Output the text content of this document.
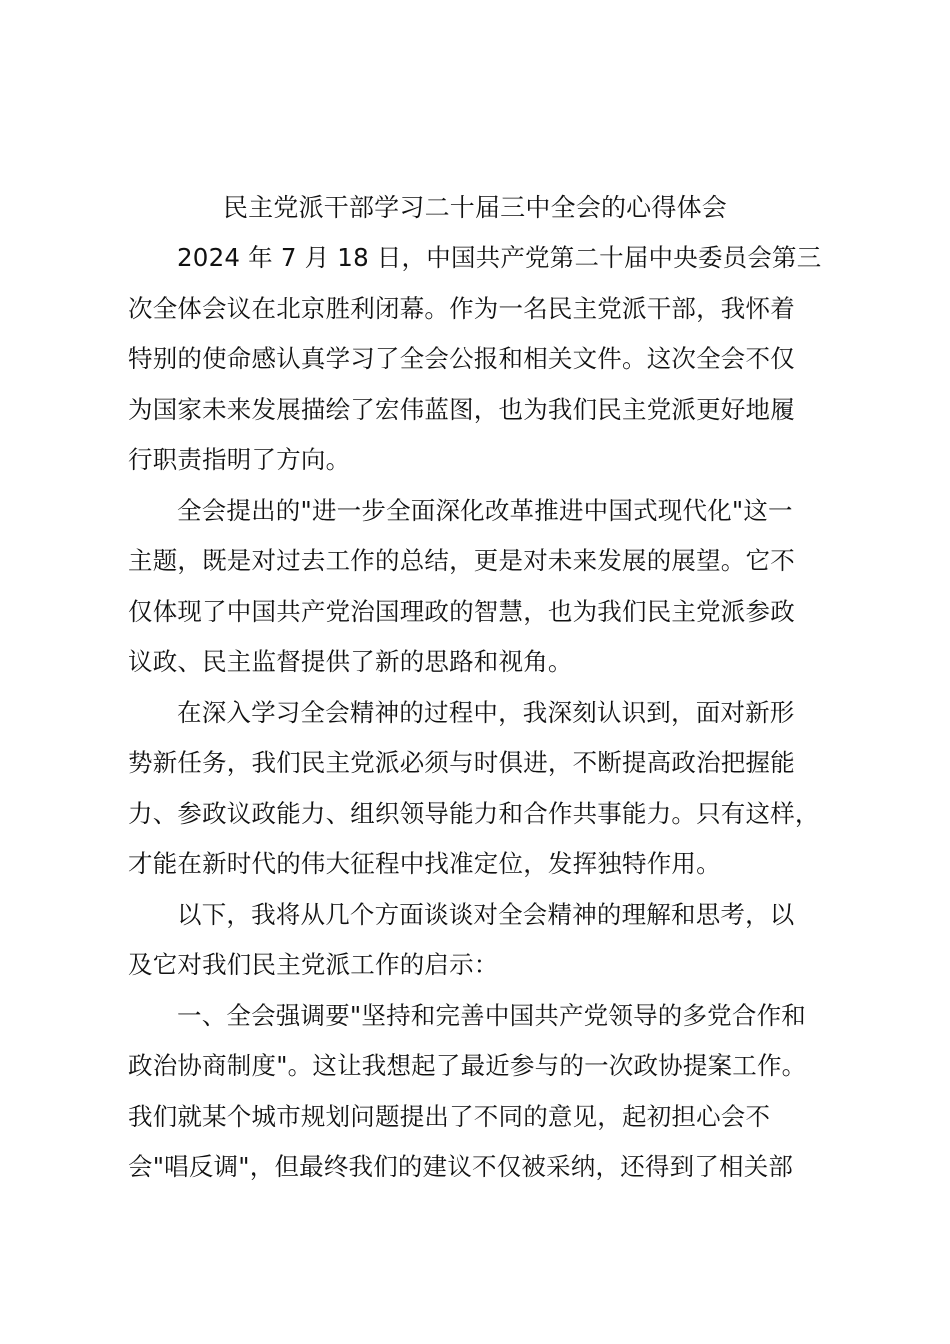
民主党派干部学习二十届三中全会的心得体会
2024 年 7 月 18 日，中国共产党第二十届中央委员会第三
次全体会议在北京胜利闭幕。作为一名民主党派干部，我怀着
特别的使命感认真学习了全会公报和相关文件。这次全会不仅
为国家未来发展描绘了宏伟蓝图，也为我们民主党派更好地履
行职责指明了方向。
全会提出的"进一步全面深化改革推进中国式现代化"这一
主题，既是对过去工作的总结，更是对未来发展的展望。它不
仅体现了中国共产党治国理政的智慧，也为我们民主党派参政
议政、民主监督提供了新的思路和视角。
在深入学习全会精神的过程中，我深刻认识到，面对新形
势新任务，我们民主党派必须与时俱进，不断提高政治把握能
力、参政议政能力、组织领导能力和合作共事能力。只有这样，
才能在新时代的伟大征程中找准定位，发挥独特作用。
以下，我将从几个方面谈谈对全会精神的理解和思考，以
及它对我们民主党派工作的启示：
一、全会强调要"坚持和完善中国共产党领导的多党合作和
政治协商制度"。这让我想起了最近参与的一次政协提案工作。
我们就某个城市规划问题提出了不同的意见，起初担心会不
会"唱反调"，但最终我们的建议不仅被采纳，还得到了相关部
